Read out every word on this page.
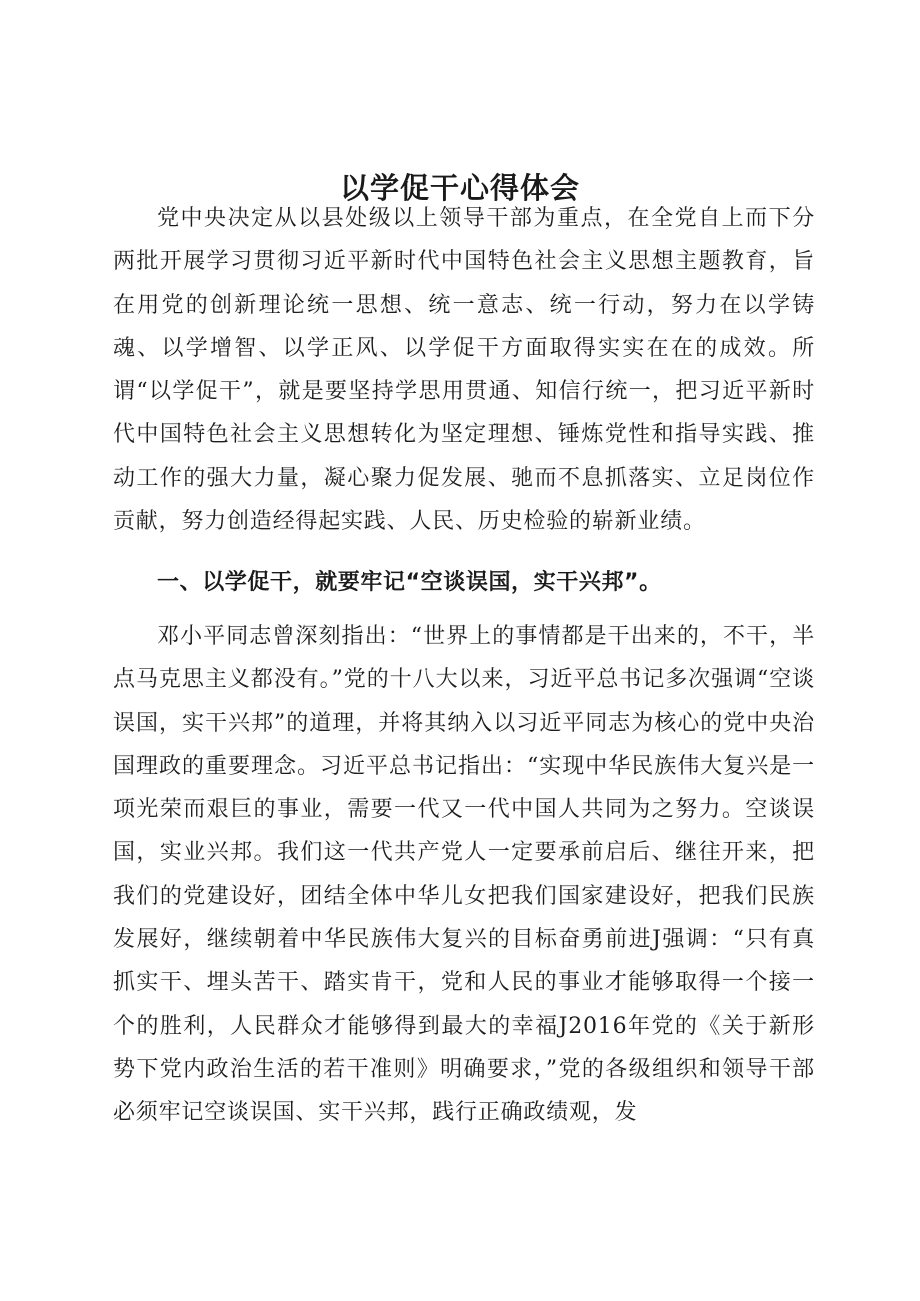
以学促干心得体会

党中央决定从以县处级以上领导干部为重点，在全党自上而下分两批开展学习贯彻习近平新时代中国特色社会主义思想主题教育，旨在用党的创新理论统一思想、统一意志、统一行动，努力在以学铸魂、以学增智、以学正风、以学促干方面取得实实在在的成效。所谓“以学促干”，就是要坚持学思用贯通、知信行统一，把习近平新时代中国特色社会主义思想转化为坚定理想、锤炼党性和指导实践、推动工作的强大力量，凝心聚力促发展、驰而不息抓落实、立足岗位作贡献，努力创造经得起实践、人民、历史检验的崭新业绩。

一、以学促干，就要牢记“空谈误国，实干兴邦”。

邓小平同志曾深刻指出：“世界上的事情都是干出来的，不干，半点马克思主义都没有。”党的十八大以来，习近平总书记多次强调“空谈误国，实干兴邦”的道理，并将其纳入以习近平同志为核心的党中央治国理政的重要理念。习近平总书记指出：“实现中华民族伟大复兴是一项光荣而艰巨的事业，需要一代又一代中国人共同为之努力。空谈误国，实业兴邦。我们这一代共产党人一定要承前启后、继往开来，把我们的党建设好，团结全体中华儿女把我们国家建设好，把我们民族发展好，继续朝着中华民族伟大复兴的目标奋勇前进J强调：“只有真抓实干、埋头苦干、踏实肯干，党和人民的事业才能够取得一个接一个的胜利，人民群众才能够得到最大的幸福J2016年党的《关于新形势下党内政治生活的若干准则》明确要求，”党的各级组织和领导干部必须牢记空谈误国、实干兴邦，践行正确政绩观，发
